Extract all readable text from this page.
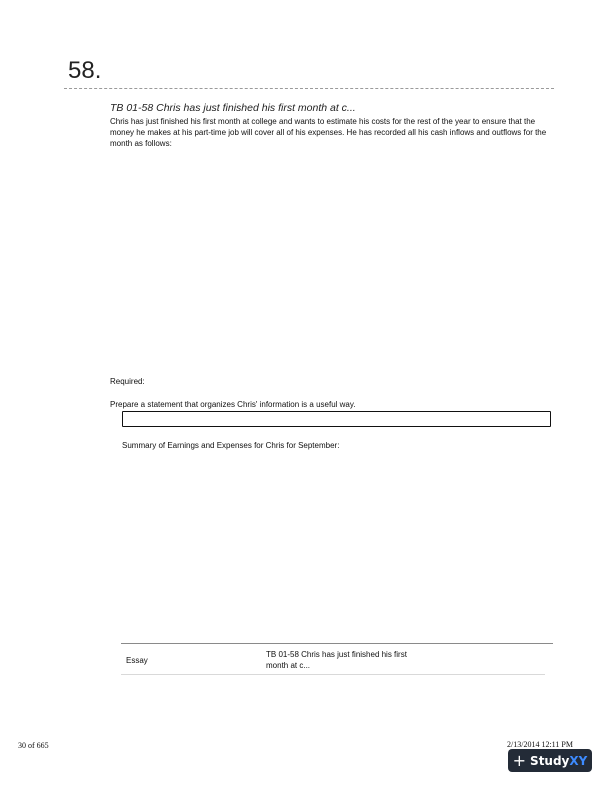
58.
TB 01-58 Chris has just finished his first month at c...
Chris has just finished his first month at college and wants to estimate his costs for the rest of the year to ensure that the money he makes at his part-time job will cover all of his expenses. He has recorded all his cash inflows and outflows for the month as follows:
Required:
Prepare a statement that organizes Chris' information is a useful way.
Summary of Earnings and Expenses for Chris for September:
Essay
TB 01-58 Chris has just finished his first month at c...
30 of 665	2/13/2014 12:11 PM
+ Study XY
